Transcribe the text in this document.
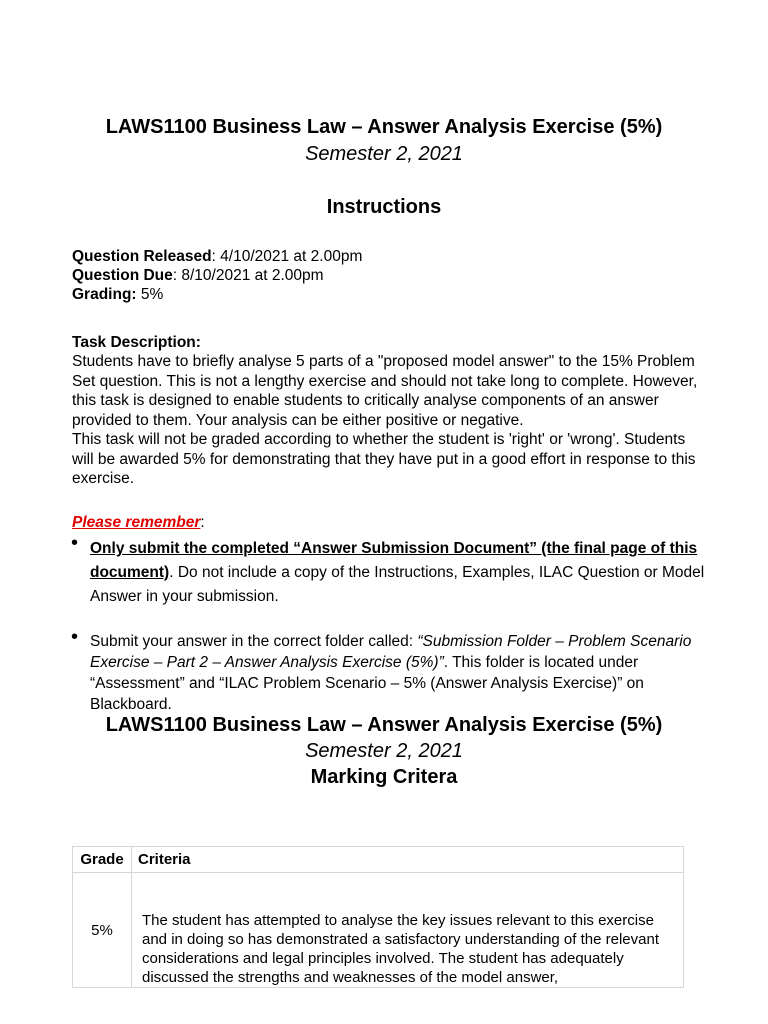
LAWS1100 Business Law – Answer Analysis Exercise (5%)
Semester 2, 2021
Instructions
Question Released: 4/10/2021 at 2.00pm
Question Due: 8/10/2021 at 2.00pm
Grading: 5%
Task Description:
Students have to briefly analyse 5 parts of a "proposed model answer" to the 15% Problem Set question. This is not a lengthy exercise and should not take long to complete. However, this task is designed to enable students to critically analyse components of an answer provided to them. Your analysis can be either positive or negative.
This task will not be graded according to whether the student is 'right' or 'wrong'. Students will be awarded 5% for demonstrating that they have put in a good effort in response to this exercise.
Please remember:
• Only submit the completed “Answer Submission Document” (the final page of this document). Do not include a copy of the Instructions, Examples, ILAC Question or Model Answer in your submission.
• Submit your answer in the correct folder called: “Submission Folder – Problem Scenario Exercise – Part 2 – Answer Analysis Exercise (5%)”. This folder is located under “Assessment” and “ILAC Problem Scenario – 5% (Answer Analysis Exercise)” on Blackboard.
LAWS1100 Business Law – Answer Analysis Exercise (5%)
Semester 2, 2021
Marking Critera
Grade	Criteria
5%	The student has attempted to analyse the key issues relevant to this exercise and in doing so has demonstrated a satisfactory understanding of the relevant considerations and legal principles involved. The student has adequately discussed the strengths and weaknesses of the model answer,
